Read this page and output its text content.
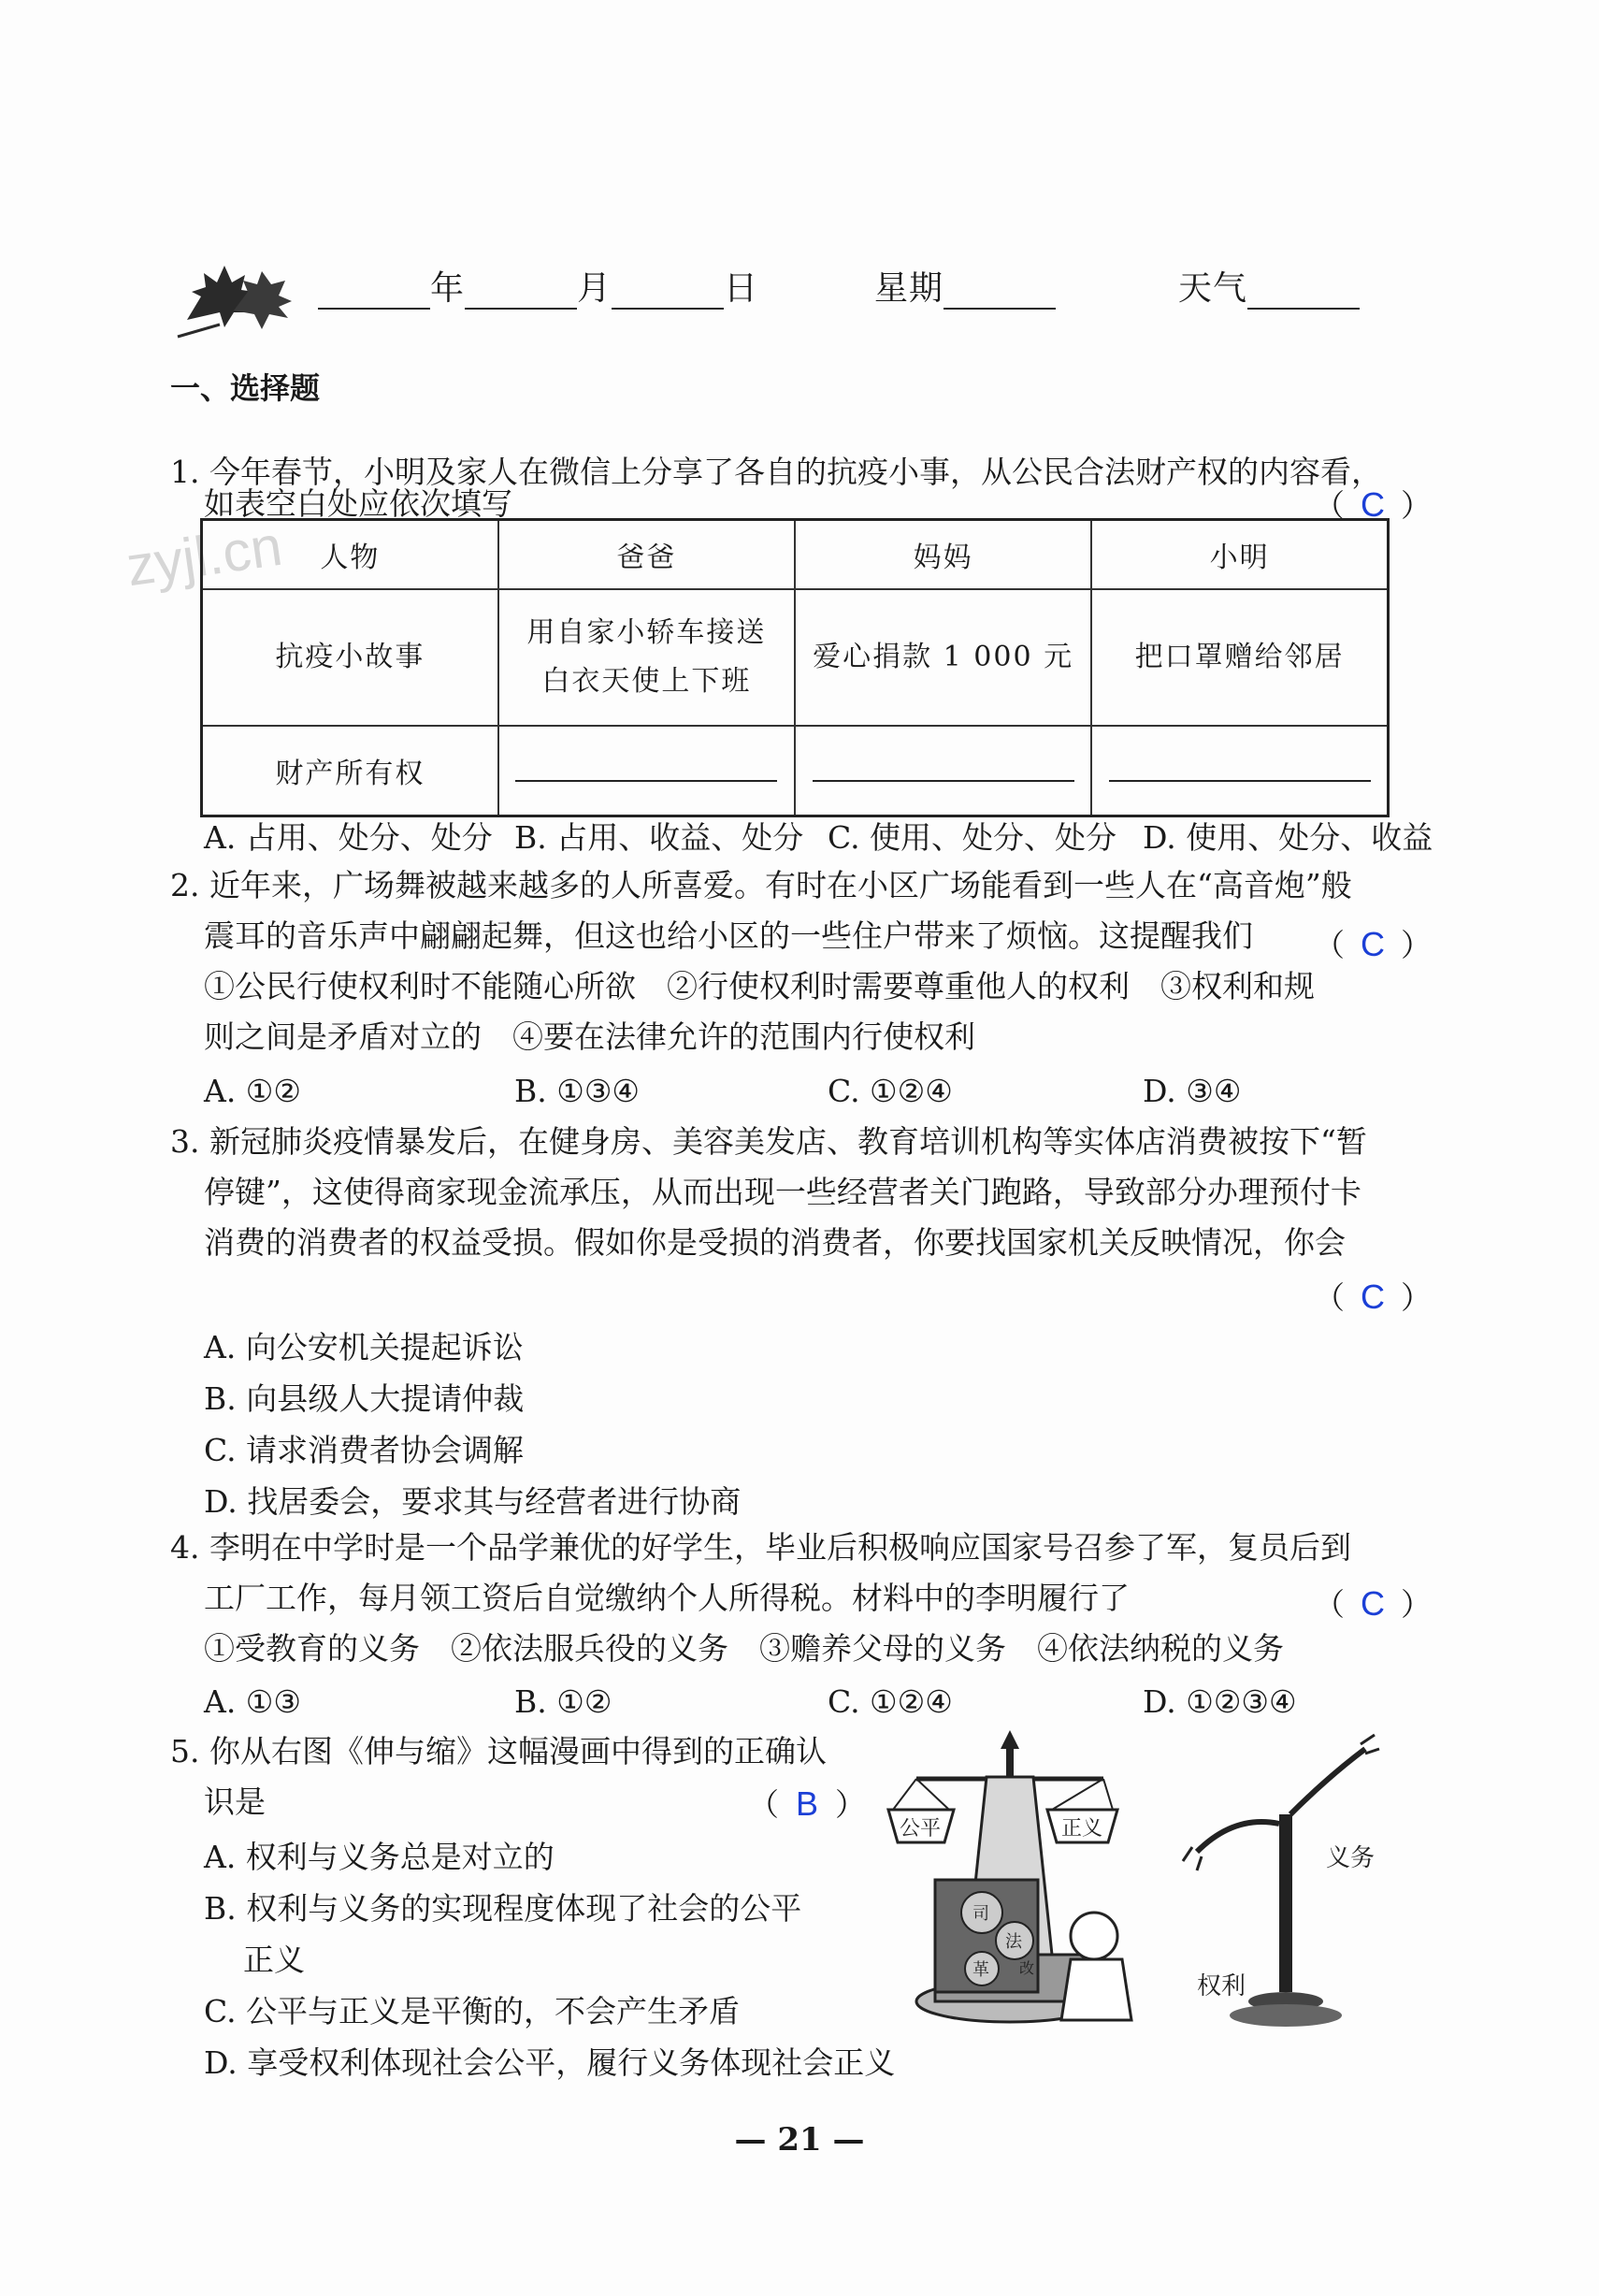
年	月	日	星期	天气
一、选择题
1. 今年春节，小明及家人在微信上分享了各自的抗疫小事，从公民合法财产权的内容看，
如表空白处应依次填写	（ C ）
zyjl.cn 人物	爸爸	妈妈	小明
抗疫小故事	用自家小轿车接送
白衣天使上下班	爱心捐款 1 000 元	把口罩赠给邻居
财产所有权			
A. 占用、处分、处分 B. 占用、收益、处分 C. 使用、处分、处分 D. 使用、处分、收益
2. 近年来，广场舞被越来越多的人所喜爱。有时在小区广场能看到一些人在“高音炮”般
震耳的音乐声中翩翩起舞，但这也给小区的一些住户带来了烦恼。这提醒我们 （ C ）
①公民行使权利时不能随心所欲　②行使权利时需要尊重他人的权利　③权利和规
则之间是矛盾对立的　④要在法律允许的范围内行使权利
A. ①②	B. ①③④	C. ①②④	D. ③④
3. 新冠肺炎疫情暴发后，在健身房、美容美发店、教育培训机构等实体店消费被按下“暂
停键”，这使得商家现金流承压，从而出现一些经营者关门跑路，导致部分办理预付卡
消费的消费者的权益受损。假如你是受损的消费者，你要找国家机关反映情况，你会
（ C ）
A. 向公安机关提起诉讼
B. 向县级人大提请仲裁
C. 请求消费者协会调解
D. 找居委会，要求其与经营者进行协商
4. 李明在中学时是一个品学兼优的好学生，毕业后积极响应国家号召参了军，复员后到
工厂工作，每月领工资后自觉缴纳个人所得税。材料中的李明履行了	（ C ）
①受教育的义务　②依法服兵役的义务　③赡养父母的义务　④依法纳税的义务
A. ①③	B. ①②	C. ①②④	D. ①②③④
5. 你从右图《伸与缩》这幅漫画中得到的正确认
识是	（ B ）
A. 权利与义务总是对立的
B. 权利与义务的实现程度体现了社会的公平
正义
C. 公平与正义是平衡的，不会产生矛盾
D. 享受权利体现社会公平，履行义务体现社会正义
公平	正义
司
法
改
革
义务
权利
— 21 —
